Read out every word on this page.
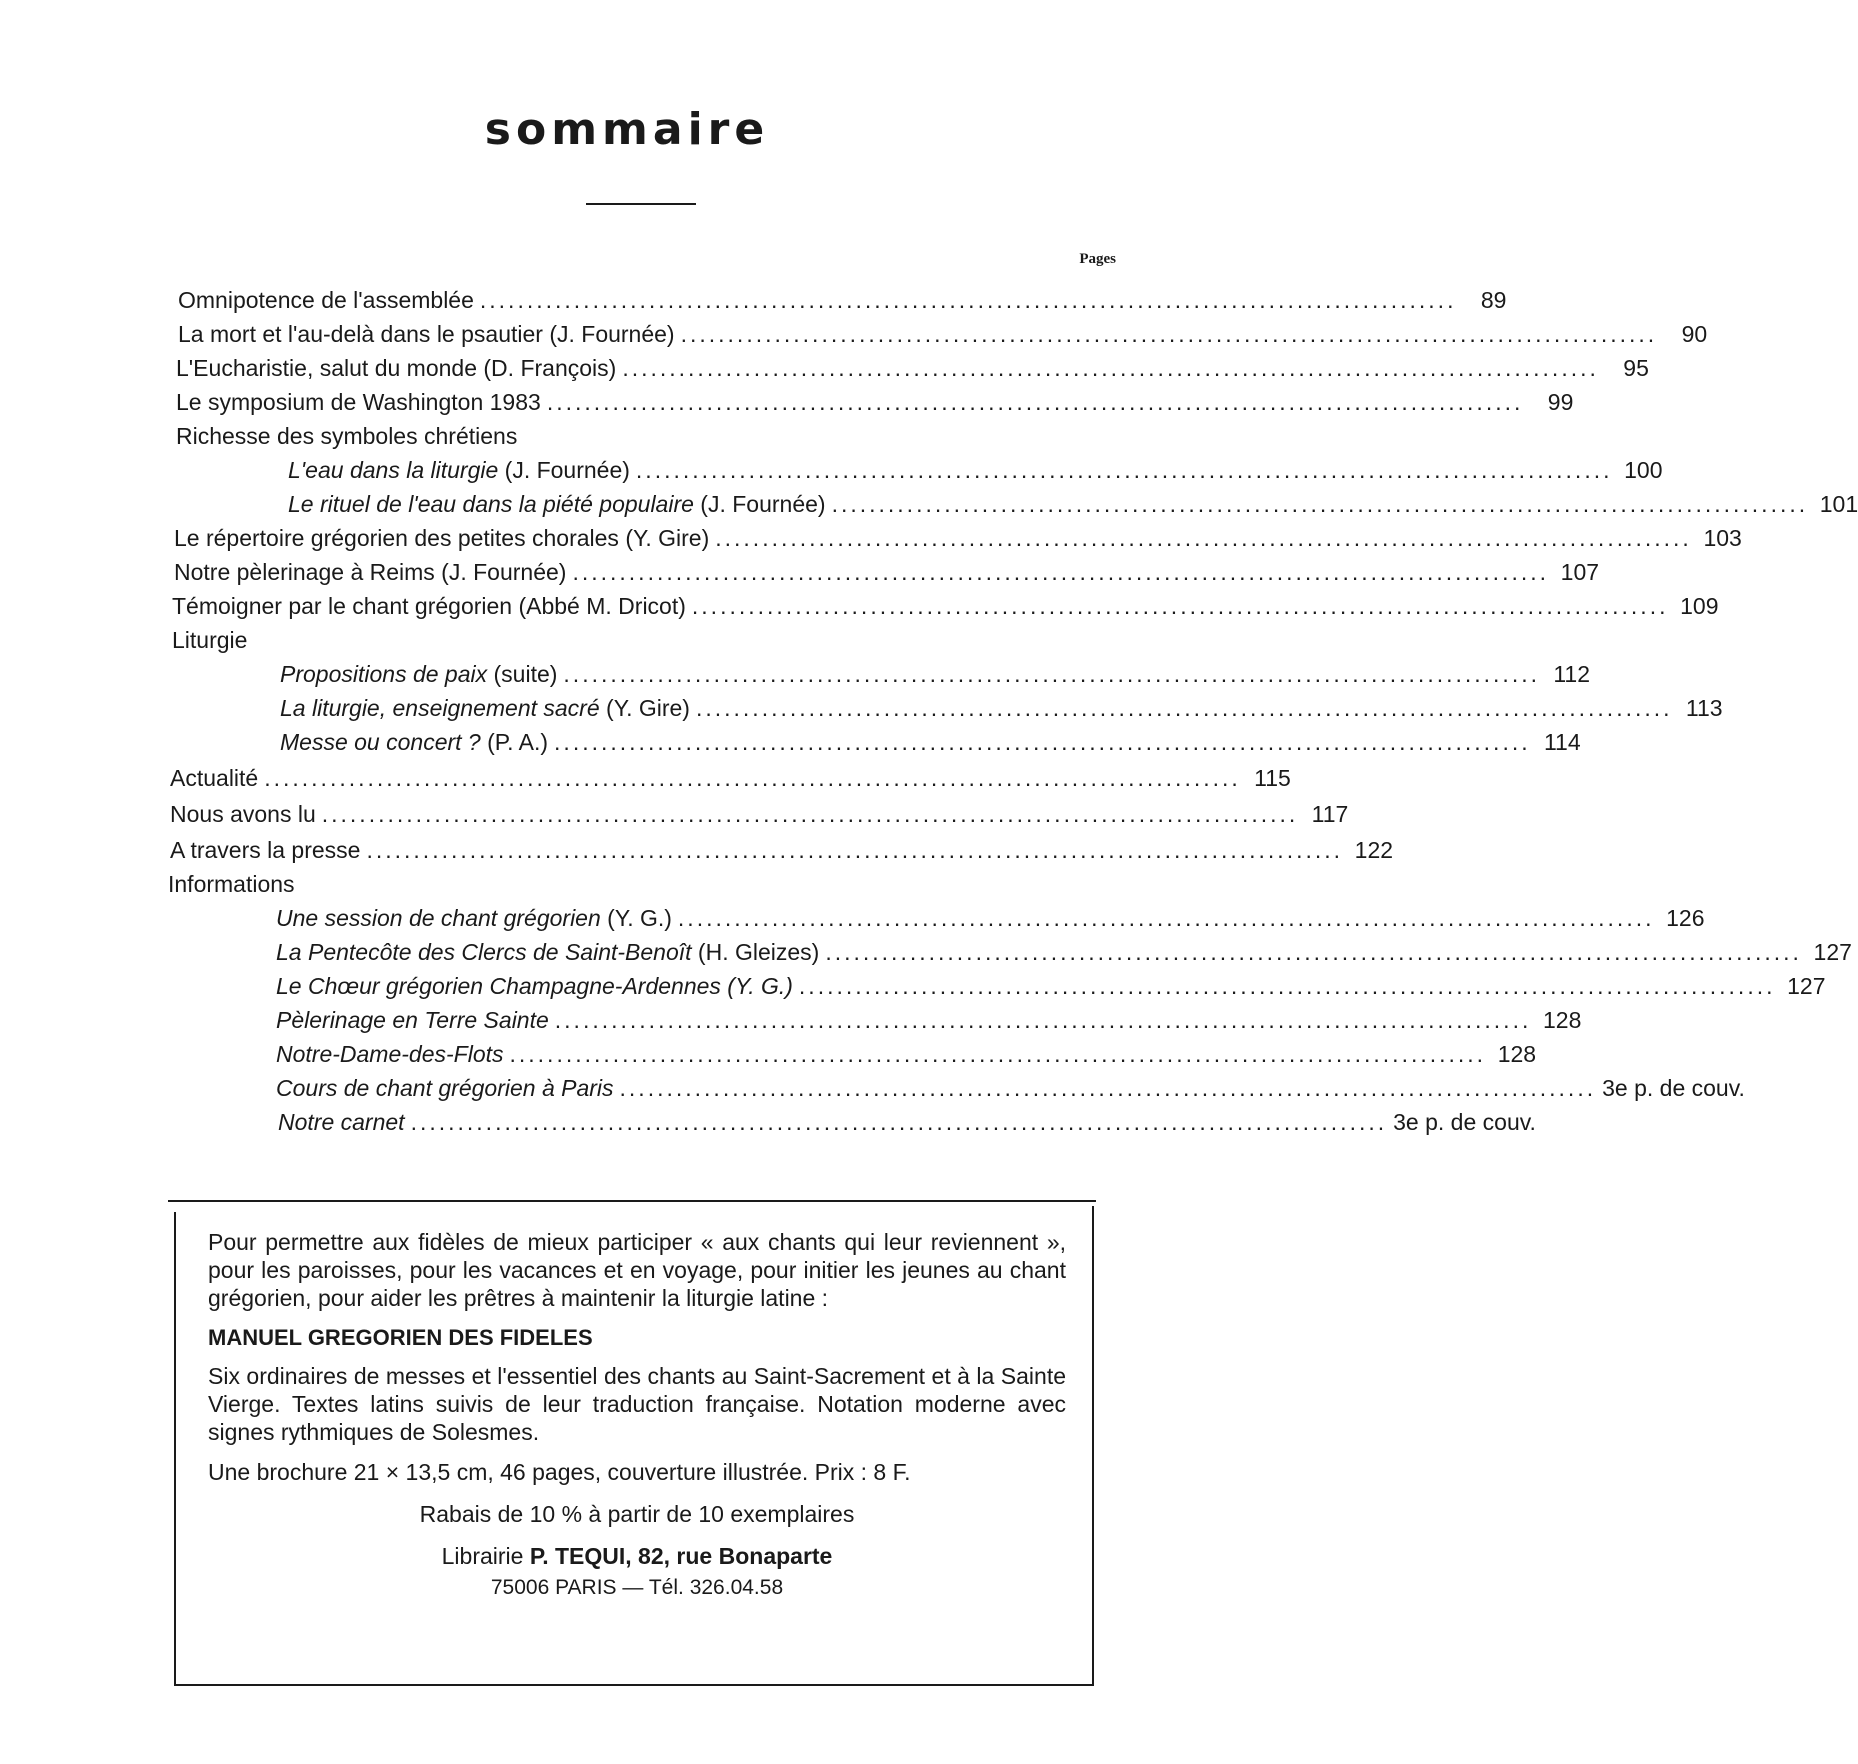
sommaire
Pages
Omnipotence de l'assemblée ........................................................................................................	89
La mort et l'au-delà dans le psautier (J. Fournée) ........................................................................................................	90
L'Eucharistie, salut du monde (D. François) ........................................................................................................	95
Le symposium de Washington 1983 ........................................................................................................	99
Richesse des symboles chrétiens
L'eau dans la liturgie (J. Fournée) ........................................................................................................ 100
Le rituel de l'eau dans la piété populaire (J. Fournée) ........................................................................................................ 101
Le répertoire grégorien des petites chorales (Y. Gire) ........................................................................................................ 103
Notre pèlerinage à Reims (J. Fournée) ........................................................................................................ 107
Témoigner par le chant grégorien (Abbé M. Dricot) ........................................................................................................ 109
Liturgie
Propositions de paix (suite) ........................................................................................................ 112
La liturgie, enseignement sacré (Y. Gire) ........................................................................................................ 113
Messe ou concert ? (P. A.) ........................................................................................................ 114
Actualité ........................................................................................................ 115
Nous avons lu ........................................................................................................ 117
A travers la presse ........................................................................................................ 122
Informations
Une session de chant grégorien (Y. G.) ........................................................................................................ 126
La Pentecôte des Clercs de Saint-Benoît (H. Gleizes) ........................................................................................................ 127
Le Chœur grégorien Champagne-Ardennes (Y. G.) ........................................................................................................ 127
Pèlerinage en Terre Sainte ........................................................................................................ 128
Notre-Dame-des-Flots ........................................................................................................ 128
Cours de chant grégorien à Paris ........................................................................................................ 3e p. de couv.
Notre carnet ........................................................................................................ 3e p. de couv.

Pour permettre aux fidèles de mieux participer « aux chants qui leur reviennent », pour les paroisses, pour les vacances et en voyage, pour initier les jeunes au chant grégorien, pour aider les prêtres à maintenir la liturgie latine :

MANUEL GREGORIEN DES FIDELES

Six ordinaires de messes et l'essentiel des chants au Saint-Sacrement et à la Sainte Vierge. Textes latins suivis de leur traduction française. Notation moderne avec signes rythmiques de Solesmes.

Une brochure 21 × 13,5 cm, 46 pages, couverture illustrée. Prix : 8 F.

Rabais de 10 % à partir de 10 exemplaires

Librairie P. TEQUI, 82, rue Bonaparte

75006 PARIS — Tél. 326.04.58
